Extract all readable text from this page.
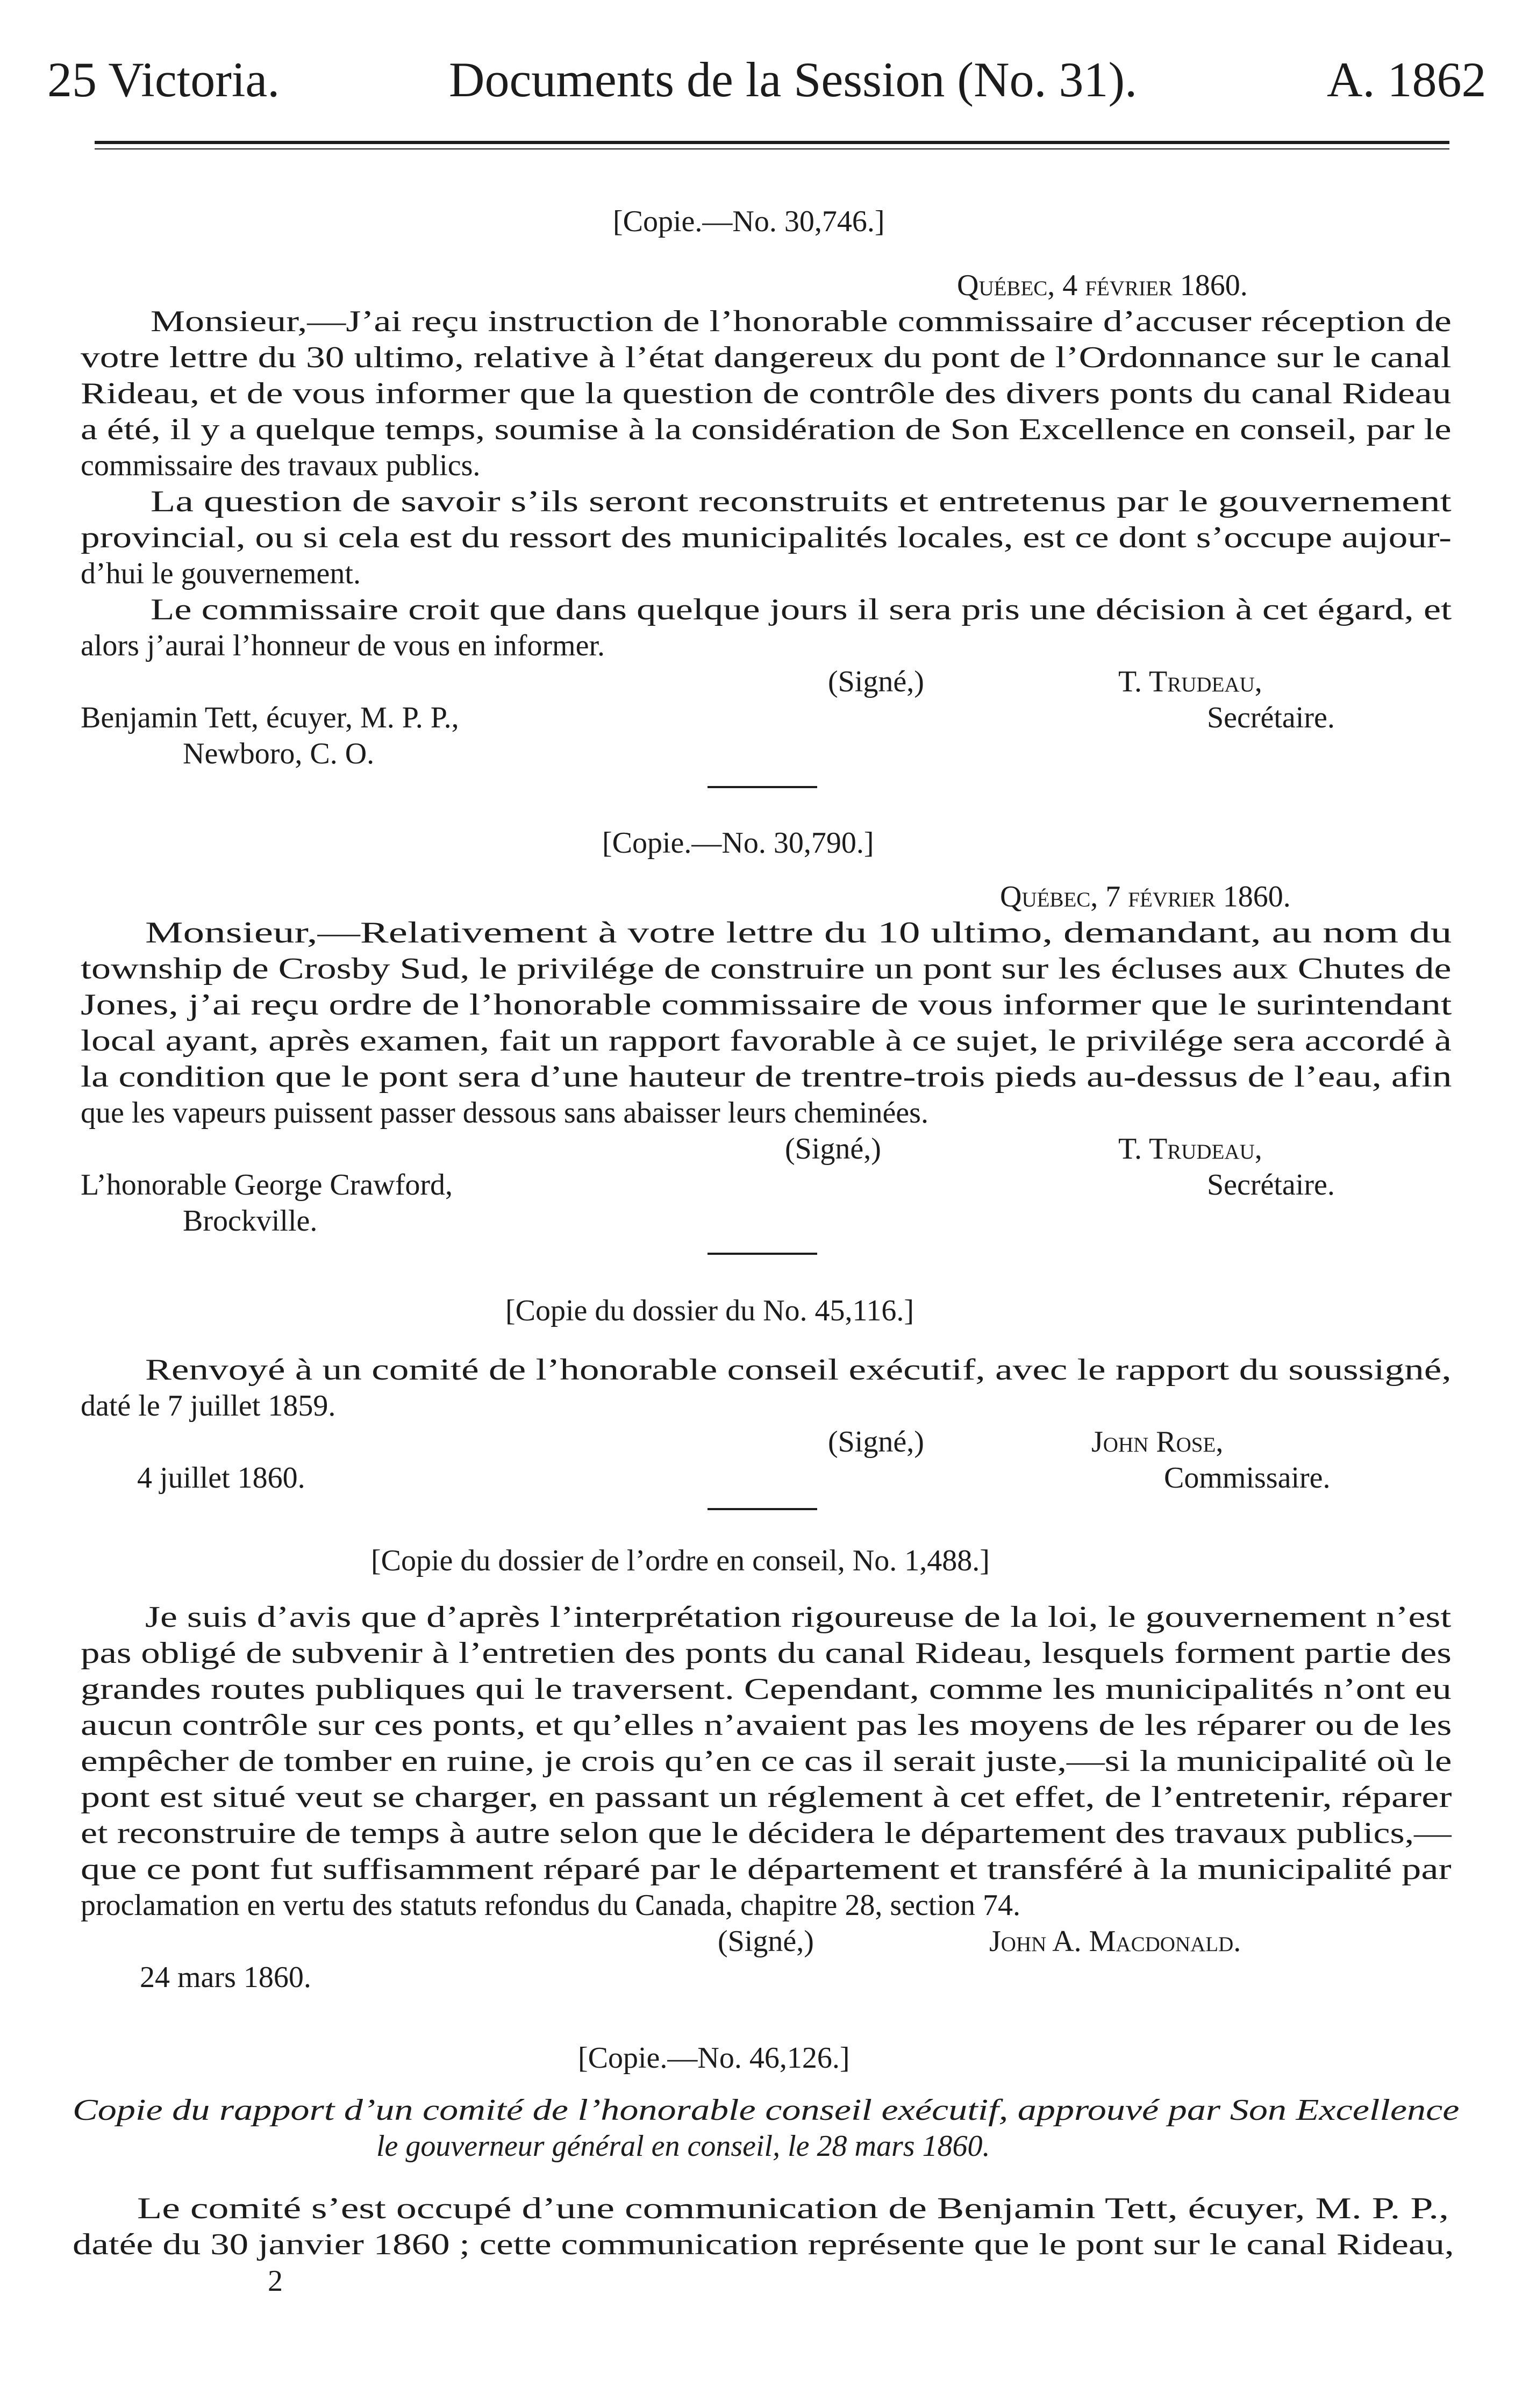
25 Victoria.	Documents de la Session (No. 31).	A. 1862
[Copie.—No. 30,746.]
Québec, 4 février 1860.
Monsieur,—J’ai reçu instruction de l’honorable commissaire d’accuser réception de
votre lettre du 30 ultimo, relative à l’état dangereux du pont de l’Ordonnance sur le canal
Rideau, et de vous informer que la question de contrôle des divers ponts du canal Rideau
a été, il y a quelque temps, soumise à la considération de Son Excellence en conseil, par le
commissaire des travaux publics.
La question de savoir s’ils seront reconstruits et entretenus par le gouvernement
provincial, ou si cela est du ressort des municipalités locales, est ce dont s’occupe aujour-
d’hui le gouvernement.
Le commissaire croit que dans quelque jours il sera pris une décision à cet égard, et
alors j’aurai l’honneur de vous en informer.
(Signé,)	T. Trudeau,
Benjamin Tett, écuyer, M. P. P.,	Secrétaire.
Newboro, C. O.
[Copie.—No. 30,790.]
Québec, 7 février 1860.
Monsieur,—Relativement à votre lettre du 10 ultimo, demandant, au nom du
township de Crosby Sud, le privilége de construire un pont sur les écluses aux Chutes de
Jones, j’ai reçu ordre de l’honorable commissaire de vous informer que le surintendant
local ayant, après examen, fait un rapport favorable à ce sujet, le privilége sera accordé à
la condition que le pont sera d’une hauteur de trentre-trois pieds au-dessus de l’eau, afin
que les vapeurs puissent passer dessous sans abaisser leurs cheminées.
(Signé,)	T. Trudeau,
L’honorable George Crawford,	Secrétaire.
Brockville.
[Copie du dossier du No. 45,116.]
Renvoyé à un comité de l’honorable conseil exécutif, avec le rapport du soussigné,
daté le 7 juillet 1859.
(Signé,)	John Rose,
4 juillet 1860.	Commissaire.
[Copie du dossier de l’ordre en conseil, No. 1,488.]
Je suis d’avis que d’après l’interprétation rigoureuse de la loi, le gouvernement n’est
pas obligé de subvenir à l’entretien des ponts du canal Rideau, lesquels forment partie des
grandes routes publiques qui le traversent. Cependant, comme les municipalités n’ont eu
aucun contrôle sur ces ponts, et qu’elles n’avaient pas les moyens de les réparer ou de les
empêcher de tomber en ruine, je crois qu’en ce cas il serait juste,—si la municipalité où le
pont est situé veut se charger, en passant un réglement à cet effet, de l’entretenir, réparer
et reconstruire de temps à autre selon que le décidera le département des travaux publics,—
que ce pont fut suffisamment réparé par le département et transféré à la municipalité par
proclamation en vertu des statuts refondus du Canada, chapitre 28, section 74.
(Signé,)	John A. Macdonald.
24 mars 1860.
[Copie.—No. 46,126.]
Copie du rapport d’un comité de l’honorable conseil exécutif, approuvé par Son Excellence
le gouverneur général en conseil, le 28 mars 1860.
Le comité s’est occupé d’une communication de Benjamin Tett, écuyer, M. P. P.,
datée du 30 janvier 1860 ; cette communication représente que le pont sur le canal Rideau,
2
